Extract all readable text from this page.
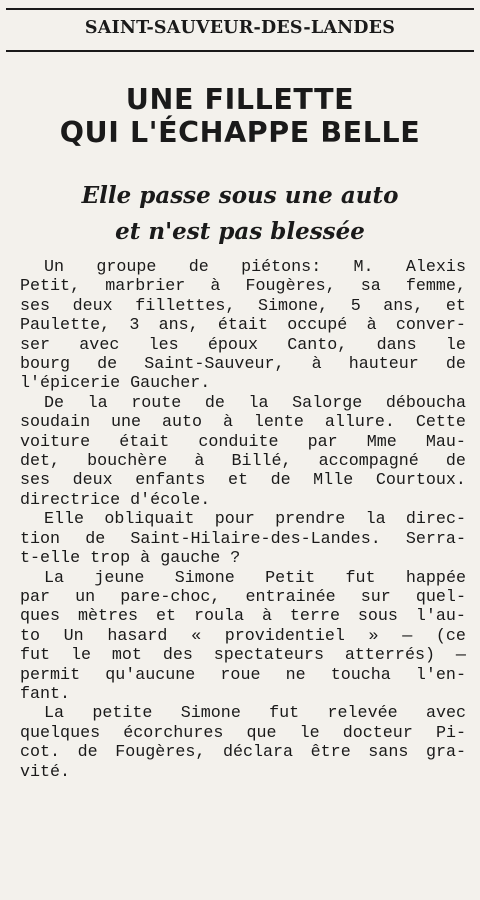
SAINT-SAUVEUR-DES-LANDES
UNE FILLETTE
QUI L'ÉCHAPPE BELLE
Elle passe sous une auto
et n'est pas blessée
Un groupe de piétons: M. Alexis
Petit, marbrier à Fougères, sa femme,
ses deux fillettes, Simone, 5 ans, et
Paulette, 3 ans, était occupé à conver-
ser avec les époux Canto, dans le
bourg de Saint-Sauveur, à hauteur de
l'épicerie Gaucher.
De la route de la Salorge déboucha
soudain une auto à lente allure. Cette
voiture était conduite par Mme Mau-
det, bouchère à Billé, accompagné de
ses deux enfants et de Mlle Courtoux.
directrice d'école.
Elle obliquait pour prendre la direc-
tion de Saint-Hilaire-des-Landes. Serra-
t-elle trop à gauche ?
La jeune Simone Petit fut happée
par un pare-choc, entrainée sur quel-
ques mètres et roula à terre sous l'au-
to Un hasard « providentiel » — (ce
fut le mot des spectateurs atterrés) —
permit qu'aucune roue ne toucha l'en-
fant.
La petite Simone fut relevée avec
quelques écorchures que le docteur Pi-
cot. de Fougères, déclara être sans gra-
vité.
